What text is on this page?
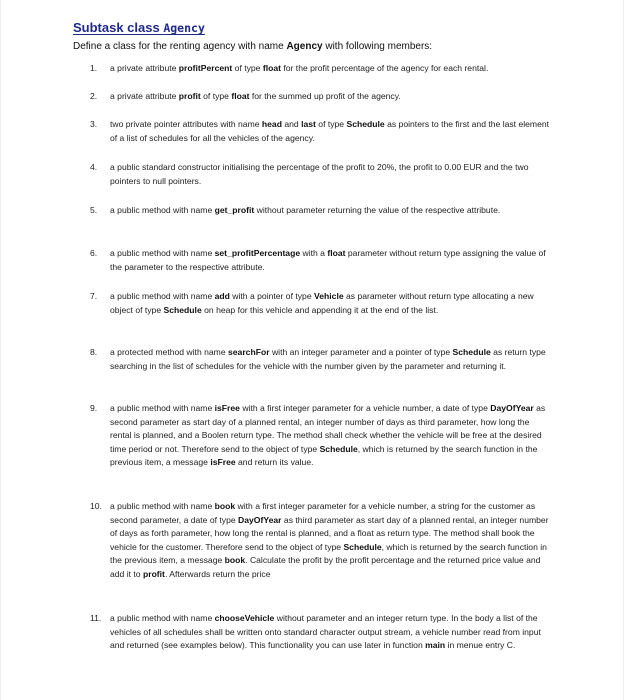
Subtask class Agency
Define a class for the renting agency with name Agency with following members:
1. a private attribute profitPercent of type float for the profit percentage of the agency for each rental.
2. a private attribute profit of type float for the summed up profit of the agency.
3. two private pointer attributes with name head and last of type Schedule as pointers to the first and the last element of a list of schedules for all the vehicles of the agency.
4. a public standard constructor initialising the percentage of the profit to 20%, the profit to 0.00 EUR and the two pointers to null pointers.
5. a public method with name get_profit without parameter returning the value of the respective attribute.
6. a public method with name set_profitPercentage with a float parameter without return type assigning the value of the parameter to the respective attribute.
7. a public method with name add with a pointer of type Vehicle as parameter without return type allocating a new object of type Schedule on heap for this vehicle and appending it at the end of the list.
8. a protected method with name searchFor with an integer parameter and a pointer of type Schedule as return type searching in the list of schedules for the vehicle with the number given by the parameter and returning it.
9. a public method with name isFree with a first integer parameter for a vehicle number, a date of type DayOfYear as second parameter as start day of a planned rental, an integer number of days as third parameter, how long the rental is planned, and a Boolen return type. The method shall check whether the vehicle will be free at the desired time period or not. Therefore send to the object of type Schedule, which is returned by the search function in the previous item, a message isFree and return its value.
10. a public method with name book with a first integer parameter for a vehicle number, a string for the customer as second parameter, a date of type DayOfYear as third parameter as start day of a planned rental, an integer number of days as forth parameter, how long the rental is planned, and a float as return type. The method shall book the vehicle for the customer. Therefore send to the object of type Schedule, which is returned by the search function in the previous item, a message book. Calculate the profit by the profit percentage and the returned price value and add it to profit. Afterwards return the price
11. a public method with name chooseVehicle without parameter and an integer return type. In the body a list of the vehicles of all schedules shall be written onto standard character output stream, a vehicle number read from input and returned (see examples below). This functionality you can use later in function main in menue entry C.
